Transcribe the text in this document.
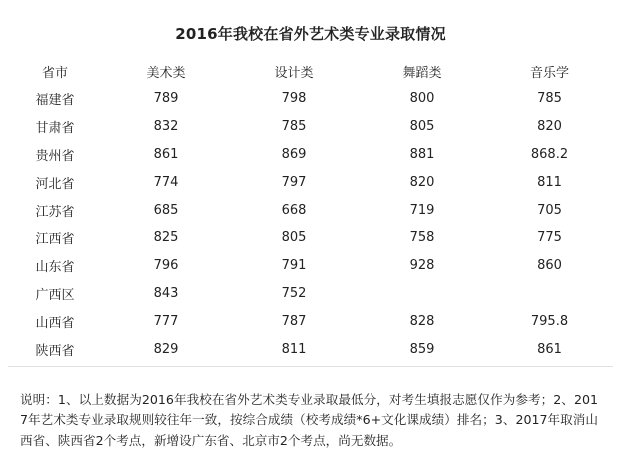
2016年我校在省外艺术类专业录取情况
省市	美术类	设计类	舞蹈类	音乐学
福建省	789	798	800	785
甘肃省	832	785	805	820
贵州省	861	869	881	868.2
河北省	774	797	820	811
江苏省	685	668	719	705
江西省	825	805	758	775
山东省	796	791	928	860
广西区	843	752		
山西省	777	787	828	795.8
陕西省	829	811	859	861

说明：1、以上数据为2016年我校在省外艺术类专业录取最低分，对考生填报志愿仅作为参考；2、2017年艺术类专业录取规则较往年一致，按综合成绩（校考成绩*6+文化课成绩）排名；3、2017年取消山西省、陕西省2个考点，新增设广东省、北京市2个考点，尚无数据。
